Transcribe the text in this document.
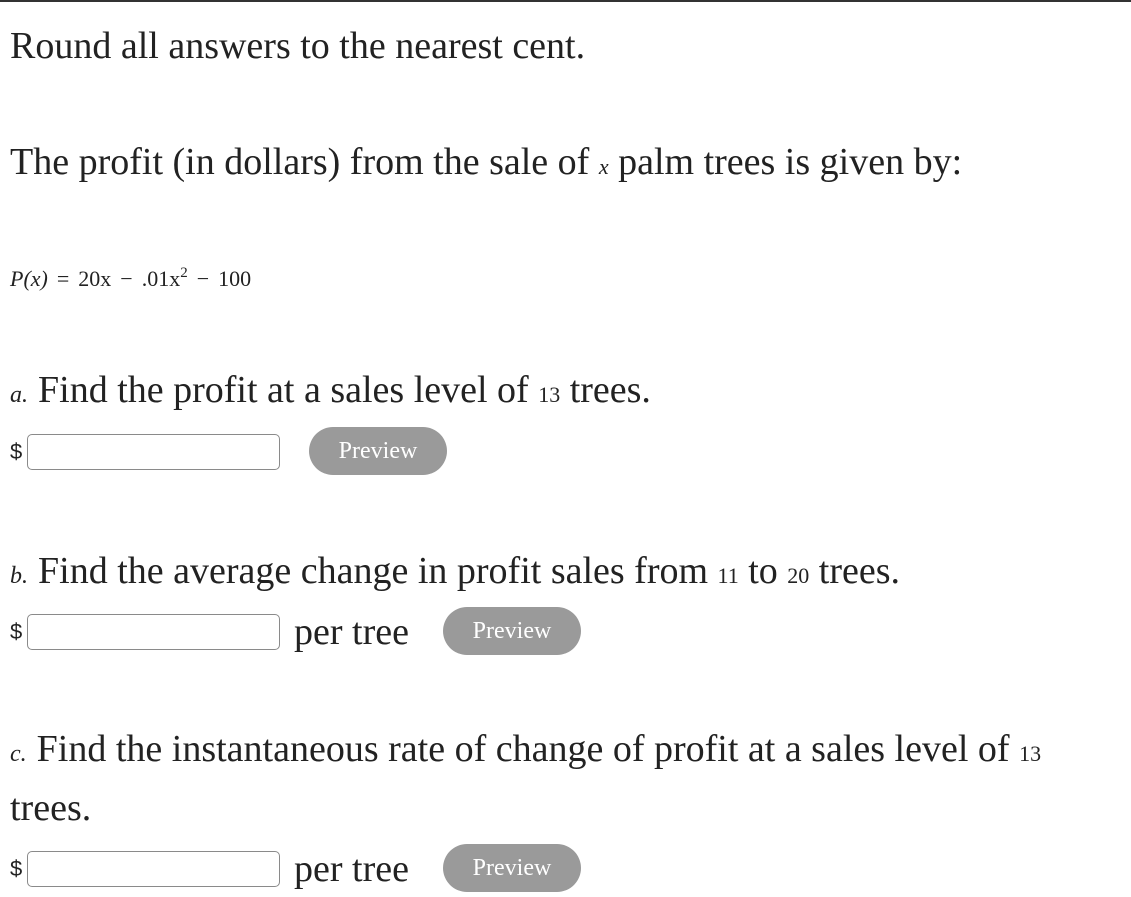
Round all answers to the nearest cent.
The profit (in dollars) from the sale of x palm trees is given by:
$P(x) = 20x - .01x^2 - 100$
a. Find the profit at a sales level of 13 trees.
$	Preview
b. Find the average change in profit sales from 11 to 20 trees.
$	per tree	Preview
c. Find the instantaneous rate of change of profit at a sales level of 13
trees.
$	per tree	Preview
